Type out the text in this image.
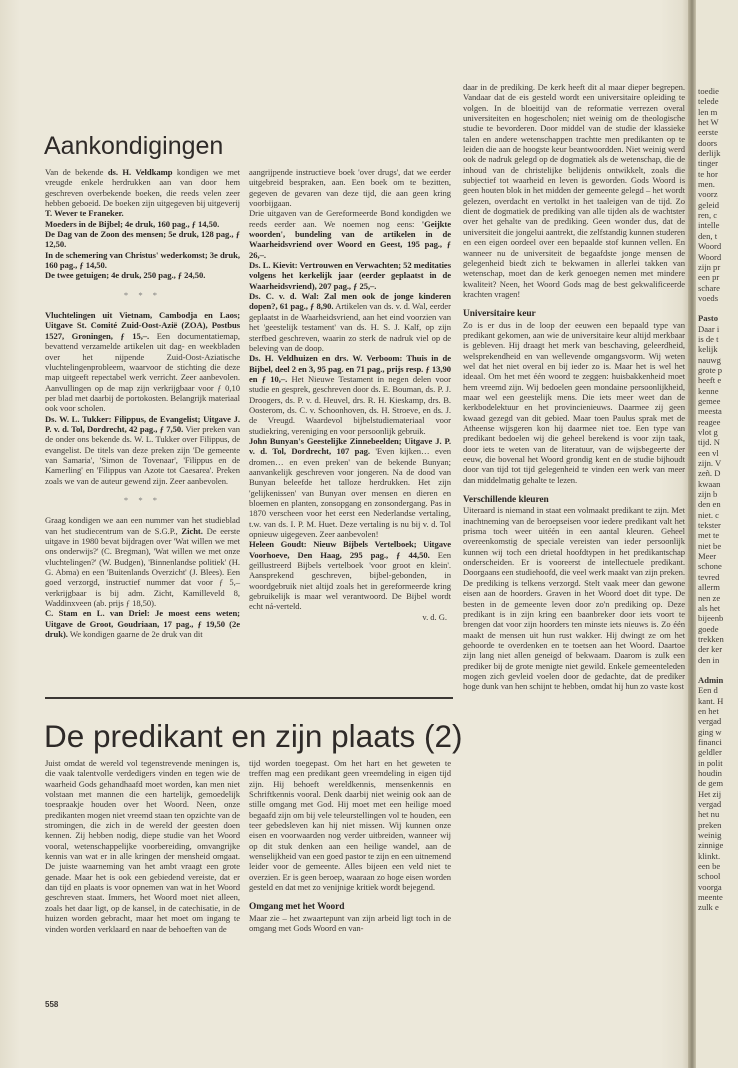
Aankondigingen

Van de bekende ds. H. Veldkamp kondigen we met vreugde enkele herdrukken aan van door hem geschreven overbekende boeken, die reeds velen zeer hebben geboeid. De boeken zijn uitgegeven bij uitgeverij T. Wever te Franeker.

Moeders in de Bijbel; 4e druk, 160 pag., ƒ 14,50.

De Dag van de Zoon des mensen; 5e druk, 128 pag., ƒ 12,50.

In de schemering van Christus' wederkomst; 3e druk, 160 pag., ƒ 14,50.

De twee getuigen; 4e druk, 250 pag., ƒ 24,50.

* * *

Vluchtelingen uit Vietnam, Cambodja en Laos; Uitgave St. Comité Zuid-Oost-Azië (ZOA), Postbus 1527, Groningen, ƒ 15,–. Een documentatiemap, bevattend verzamelde artikelen uit dag- en weekbladen over het nijpende Zuid-Oost-Aziatische vluchtelingenprobleem, waarvoor de stichting die deze map uitgeeft repectabel werk verricht. Zeer aanbevolen. Aanvullingen op de map zijn verkrijgbaar voor ƒ 0,10 per blad met daarbij de portokosten. Belangrijk materiaal ook voor scholen.

Ds. W. L. Tukker: Filippus, de Evangelist; Uitgave J. P. v. d. Tol, Dordrecht, 42 pag., ƒ 7,50. Vier preken van de onder ons bekende ds. W. L. Tukker over Filippus, de evangelist. De titels van deze preken zijn 'De gemeente van Samaria', 'Simon de Tovenaar', 'Filippus en de Kamerling' en 'Filippus van Azote tot Caesarea'. Preken zoals we van de auteur gewend zijn. Zeer aanbevolen.

* * *

Graag kondigen we aan een nummer van het studieblad van het studiecentrum van de S.G.P., Zicht. De eerste uitgave in 1980 bevat bijdragen over 'Wat willen we met ons onderwijs?' (C. Bregman), 'Wat willen we met onze vluchtelingen?' (W. Budgen), 'Binnenlandse politiek' (H. G. Abma) en een 'Buitenlands Overzicht' (J. Blees). Een goed verzorgd, instructief nummer dat voor ƒ 5,– verkrijgbaar is bij adm. Zicht, Kamilleveld 8, Waddinxveen (ab. prijs ƒ 18,50).

C. Stam en L. van Driel: Je moest eens weten; Uitgave de Groot, Goudriaan, 17 pag., ƒ 19,50 (2e druk). We kondigen gaarne de 2e druk van dit

aangrijpende instructieve boek 'over drugs', dat we eerder uitgebreid bespraken, aan. Een boek om te bezitten, gegeven de gevaren van deze tijd, die aan geen kring voorbijgaan.

Drie uitgaven van de Gereformeerde Bond kondigden we reeds eerder aan. We noemen nog eens: 'Geijkte woorden', bundeling van de artikelen in de Waarheidsvriend over Woord en Geest, 195 pag., ƒ 26,–.

Ds. L. Kievit: Vertrouwen en Verwachten; 52 meditaties volgens het kerkelijk jaar (eerder geplaatst in de Waarheidsvriend), 207 pag., ƒ 25,–.

Ds. C. v. d. Wal: Zal men ook de jonge kinderen dopen?, 61 pag., ƒ 8,90. Artikelen van ds. v. d. Wal, eerder geplaatst in de Waarheidsvriend, aan het eind voorzien van het 'geestelijk testament' van ds. H. S. J. Kalf, op zijn sterfbed geschreven, waarin zo sterk de nadruk viel op de beleving van de doop.

Ds. H. Veldhuizen en drs. W. Verboom: Thuis in de Bijbel, deel 2 en 3, 95 pag. en 71 pag., prijs resp. ƒ 13,90 en ƒ 10,–. Het Nieuwe Testament in negen delen voor studie en gesprek, geschreven door ds. E. Bouman, ds. P. J. Droogers, ds. P. v. d. Heuvel, drs. R. H. Kieskamp, drs. B. Oosterom, ds. C. v. Schoonhoven, ds. H. Stroeve, en ds. J. de Vreugd. Waardevol bijbelstudiemateriaal voor studiekring, vereniging en voor persoonlijk gebruik.

John Bunyan's Geestelijke Zinnebeelden; Uitgave J. P. v. d. Tol, Dordrecht, 107 pag. 'Even kijken… even dromen… en even preken' van de bekende Bunyan; aanvankelijk geschreven voor jongeren. Na de dood van Bunyan beleefde het talloze herdrukken. Het zijn 'gelijkenissen' van Bunyan over mensen en dieren en bloemen en planten, zonsopgang en zonsondergang. Pas in 1870 verscheen voor het eerst een Nederlandse vertaling, t.w. van ds. I. P. M. Huet. Deze vertaling is nu bij v. d. Tol opnieuw uigegeven. Zeer aanbevolen!

Heleen Goudt: Nieuw Bijbels Vertelboek; Uitgave Voorhoeve, Den Haag, 295 pag., ƒ 44,50. Een geïllustreerd Bijbels vertelboek 'voor groot en klein'. Aansprekend geschreven, bijbel-gebonden, in woordgebruik niet altijd zoals het in gereformeerde kring gebruikelijk is maar wel verantwoord. De Bijbel wordt echt ná-verteld.

v. d. G.

De predikant en zijn plaats (2)

Juist omdat de wereld vol tegenstrevende meningen is, die vaak talentvolle verdedigers vinden en tegen wie de waarheid Gods gehandhaafd moet worden, kan men niet volstaan met mannen die een hartelijk, gemoedelijk toespraakje houden over het Woord. Neen, onze predikanten mogen niet vreemd staan ten opzichte van de stromingen, die zich in de wereld der geesten doen kennen. Zij hebben nodig, diepe studie van het Woord vooral, wetenschappelijke voorbereiding, omvangrijke kennis van wat er in alle kringen der mensheid omgaat. De juiste waarneming van het ambt vraagt een grote genade. Maar het is ook een gebiedend vereiste, dat er dan tijd en plaats is voor opnemen van wat in het Woord geschreven staat. Immers, het Woord moet niet alleen, zoals het daar ligt, op de kansel, in de catechisatie, in de huizen worden gebracht, maar het moet om ingang te vinden worden verklaard en naar de behoeften van de

tijd worden toegepast. Om het hart en het geweten te treffen mag een predikant geen vreemdeling in eigen tijd zijn. Hij behoeft wereldkennis, mensenkennis en Schriftkennis vooral. Denk daarbij niet weinig ook aan de stille omgang met God. Hij moet met een heilige moed begaafd zijn om bij vele teleurstellingen vol te houden, een teer gebedsleven kan hij niet missen. Wij kunnen onze eisen en voorwaarden nog verder uitbreiden, wanneer wij op dit stuk denken aan een heilige wandel, aan de wenselijkheid van een goed pastor te zijn en een uitnemend leider voor de gemeente. Alles bijeen een veld niet te overzien. Er is geen beroep, waaraan zo hoge eisen worden gesteld en dat met zo venijnige kritiek wordt bejegend.

Omgang met het Woord

Maar zie – het zwaartepunt van zijn arbeid ligt toch in de omgang met Gods Woord en van-

daar in de prediking. De kerk heeft dit al maar dieper begrepen. Vandaar dat de eis gesteld wordt een universitaire opleiding te volgen. In de bloeitijd van de reformatie verrezen overal universiteiten en hogescholen; niet weinig om de theologische studie te bevorderen. Door middel van de studie der klassieke talen en andere wetenschappen trachtte men predikanten op te leiden die aan de hoogste keur beantwoordden. Niet weinig werd ook de nadruk gelegd op de dogmatiek als de wetenschap, die de inhoud van de christelijke belijdenis ontwikkelt, zoals die subjectief tot waarheid en leven is geworden. Gods Woord is geen houten blok in het midden der gemeente gelegd – het wordt gelezen, overdacht en vertolkt in het taaleigen van de tijd. Zo dient de dogmatiek de prediking van alle tijden als de wachtster over het gehalte van de prediking. Geen wonder dus, dat de universiteit die jongelui aantrekt, die zelfstandig kunnen studeren en een eigen oordeel over een bepaalde stof kunnen vellen. En wanneer nu de universiteit de begaafdste jonge mensen de gelegenheid biedt zich te bekwamen in allerlei takken van wetenschap, moet dan de kerk genoegen nemen met mindere kwaliteit? Neen, het Woord Gods mag de best gekwalificeerde krachten vragen!

Universitaire keur

Zo is er dus in de loop der eeuwen een bepaald type van predikant gekomen, aan wie de universitaire keur altijd merkbaar is gebleven. Hij draagt het merk van beschaving, geleerdheid, welsprekendheid en van wellevende omgangsvorm. Wij weten wel dat het niet overal en bij ieder zo is. Maar het is wel het ideaal. Om het met één woord te zeggen: huisbakkenheid moet hem vreemd zijn. Wij bedoelen geen mondaine persoonlijkheid, maar wel een geestelijk mens. Die iets meer weet dan de kerkbodelektuur en het provincienieuws. Daarmee zij geen kwaad gezegd van dit gebied. Maar toen Paulus sprak met de Atheense wijsgeren kon hij daarmee niet toe. Een type van predikant bedoelen wij die geheel berekend is voor zijn taak, door iets te weten van de literatuur, van de wijsbegeerte der eeuw, die bovenal het Woord grondig kent en de studie bijhoudt door van tijd tot tijd gelegenheid te vinden een werk van meer dan middelmatig gehalte te lezen.

Verschillende kleuren

Uiteraard is niemand in staat een volmaakt predikant te zijn. Met inachtneming van de beroepseisen voor iedere predikant valt het prisma toch weer uitéén in een aantal kleuren. Geheel overeenkomstig de speciale vereisten van ieder persoonlijk kunnen wij toch een drietal hoofdtypen in het predikantschap onderscheiden. Er is vooreerst de intellectuele predikant. Doorgaans een studiehoofd, die veel werk maakt van zijn preken. De prediking is telkens verzorgd. Stelt vaak meer dan gewone eisen aan de hoorders. Graven in het Woord doet dit type. De besten in de gemeente leven door zo'n prediking op. Deze predikant is in zijn kring een baanbreker door iets voort te brengen dat voor zijn hoorders ten minste iets nieuws is. Zo één maakt de mensen uit hun rust wakker. Hij dwingt ze om het gehoorde te overdenken en te toetsen aan het Woord. Daartoe zijn lang niet allen geneigd of bekwaam. Daarom is zulk een prediker bij de grote menigte niet gewild. Enkele gemeenteleden mogen zich gevleid voelen door de gedachte, dat de prediker hoge dunk van hen schijnt te hebben, omdat hij hun zo vaste kost

558
toedie
telede
len m
het W
eerste
doors
derlijk
tinger
te hor
men.
voorz
geleid
ren, c
intelle
den, t
Woord
Woord
zijn pr
een pr
schare
voeds
Pasto
Daar i
is de t
kelijk
nauwg
grote p
heeft e
kenne
gemee
meesta
reagee
vlot g
tijd. N
een vl
zijn. V
zeñ. D
kwaan
zijn b
den en
niet. c
tekster
met te
niet be
Meer
schone
tevred
allerm
nen ze
als het
bijeenb
goede
trekken
der ker
den in
Admin
Een d
kant. H
en het
vergad
ging w
financi
geldler
in polit
houdin
de gem
Het zij
vergad
het nu
preken
weinig
zinnige
klinkt.
een be
school
voorga
meente
zulk e
